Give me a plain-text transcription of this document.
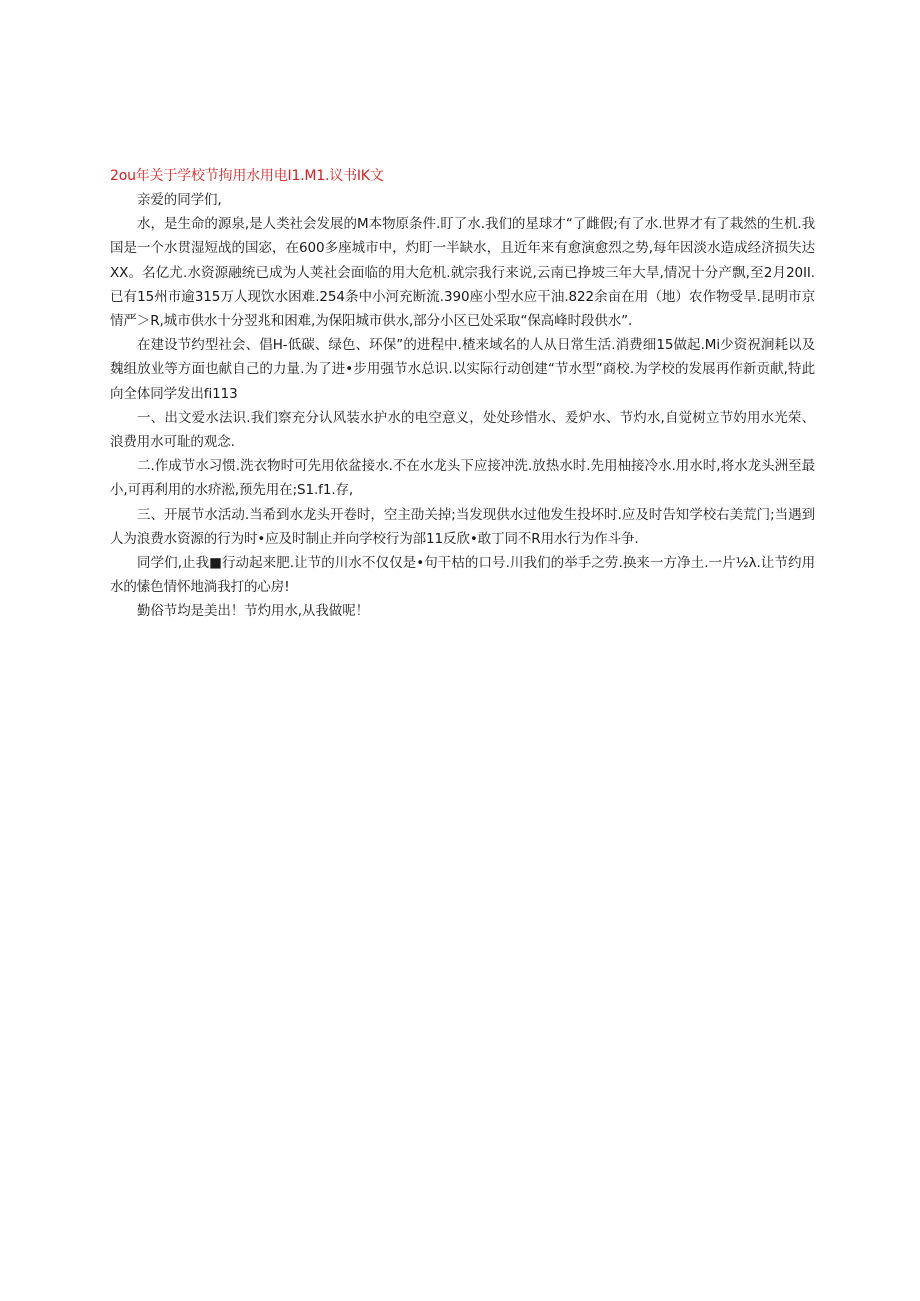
2ou年关于学校节拘用水用电I1.M1.议书IK文

亲爱的同学们,

水，是生命的源泉,是人类社会发展的M本物原条件.盯了水.我们的星球才“了雌假;有了水.世界才有了栽然的生机.我国是一个水贯湿短战的国宓，在600多座城市中，灼盯一半缺水，且近年来有愈演愈烈之势,每年因淡水造成经济损失达XX。名亿尤.水资源融统已成为人荚社会面临的用大危机.就宗我行来说,云南已挣坡三年大旱,情况十分产飘,至2月20II.已有15州市逾315万人现饮水困难.254条中小河充断流.390座小型水应干油.822余亩在用（地）农作物受旱.昆明市京情严＞R,城市供水十分翌兆和困难,为保阳城市供水,部分小区已处采取“保高峰时段供水”.

在建设节约型社会、倡H-低碳、绿色、环保”的进程中.楂来域名的人从日常生活.消费细15做起.Mi少资祝涧耗以及魏组放业等方面也献自己的力量.为了进•步用强节水总识.以实际行动创建“节水型”商校.为学校的发展再作新贡献,特此向全体同学发出fi113

一、出文爱水法识.我们察充分认风装水护水的电空意义，处处珍惜水、爰炉水、节灼水,自觉树立节妁用水光荣、浪费用水可耻的观念.

二.作成节水习惯.洗衣物时可先用依盆接水.不在水龙头下应接冲洗.放热水时.先用柚接冷水.用水时,将水龙头洲至最小,可再利用的水疥淞,预先用在;S1.f1.存,

三、开展节水活动.当希到水龙头开卷时，空主劭关掉;当发现供水过他发生投坏时.应及时告知学校右美荒门;当遇到人为浪费水资源的行为时•应及时制止并向学校行为部11反欣•敢丁同不R用水行为作斗争.

同学们,止我■行动起来肥.让节的川水不仅仅是•句干枯的口号.川我们的举手之劳.换来一方净土.一片½λ.让节约用水的愫色情怀地淌我打的心房!

勤俗节均是美出！节灼用水,从我做呢！
